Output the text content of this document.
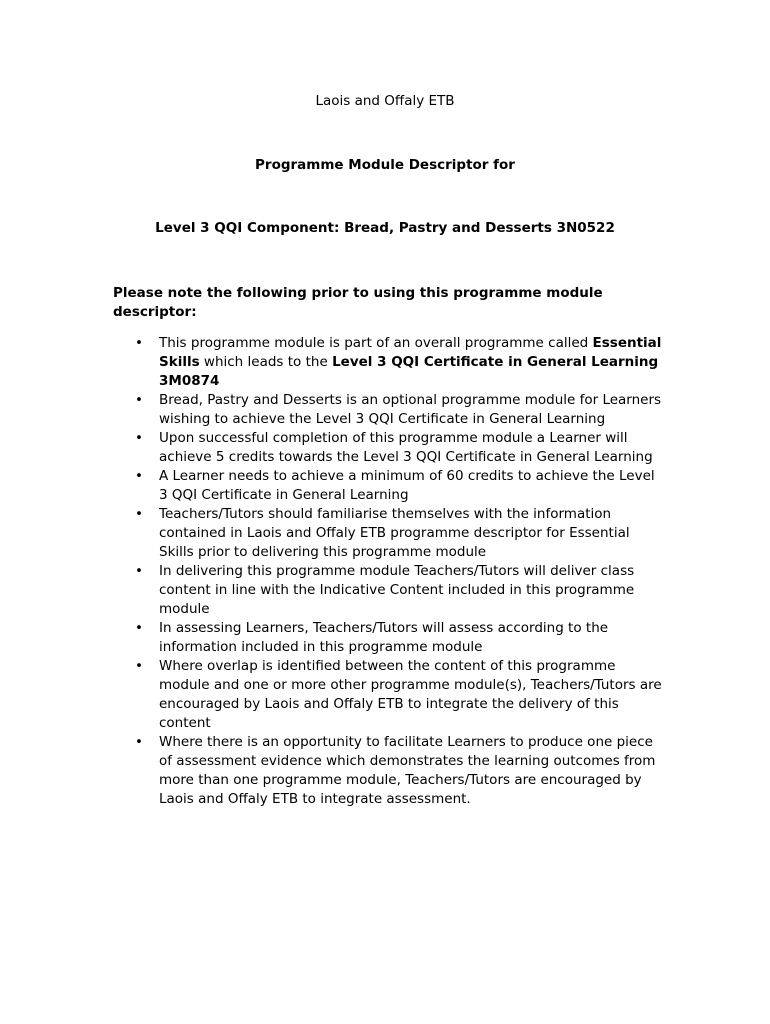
Laois and Offaly ETB

Programme Module Descriptor for

Level 3 QQI Component: Bread, Pastry and Desserts 3N0522

Please note the following prior to using this programme module descriptor:

• This programme module is part of an overall programme called Essential Skills which leads to the Level 3 QQI Certificate in General Learning 3M0874
• Bread, Pastry and Desserts is an optional programme module for Learners wishing to achieve the Level 3 QQI Certificate in General Learning
• Upon successful completion of this programme module a Learner will achieve 5 credits towards the Level 3 QQI Certificate in General Learning
• A Learner needs to achieve a minimum of 60 credits to achieve the Level 3 QQI Certificate in General Learning
• Teachers/Tutors should familiarise themselves with the information contained in Laois and Offaly ETB programme descriptor for Essential Skills prior to delivering this programme module
• In delivering this programme module Teachers/Tutors will deliver class content in line with the Indicative Content included in this programme module
• In assessing Learners, Teachers/Tutors will assess according to the information included in this programme module
• Where overlap is identified between the content of this programme module and one or more other programme module(s), Teachers/Tutors are encouraged by Laois and Offaly ETB to integrate the delivery of this content
• Where there is an opportunity to facilitate Learners to produce one piece of assessment evidence which demonstrates the learning outcomes from more than one programme module, Teachers/Tutors are encouraged by Laois and Offaly ETB to integrate assessment.
